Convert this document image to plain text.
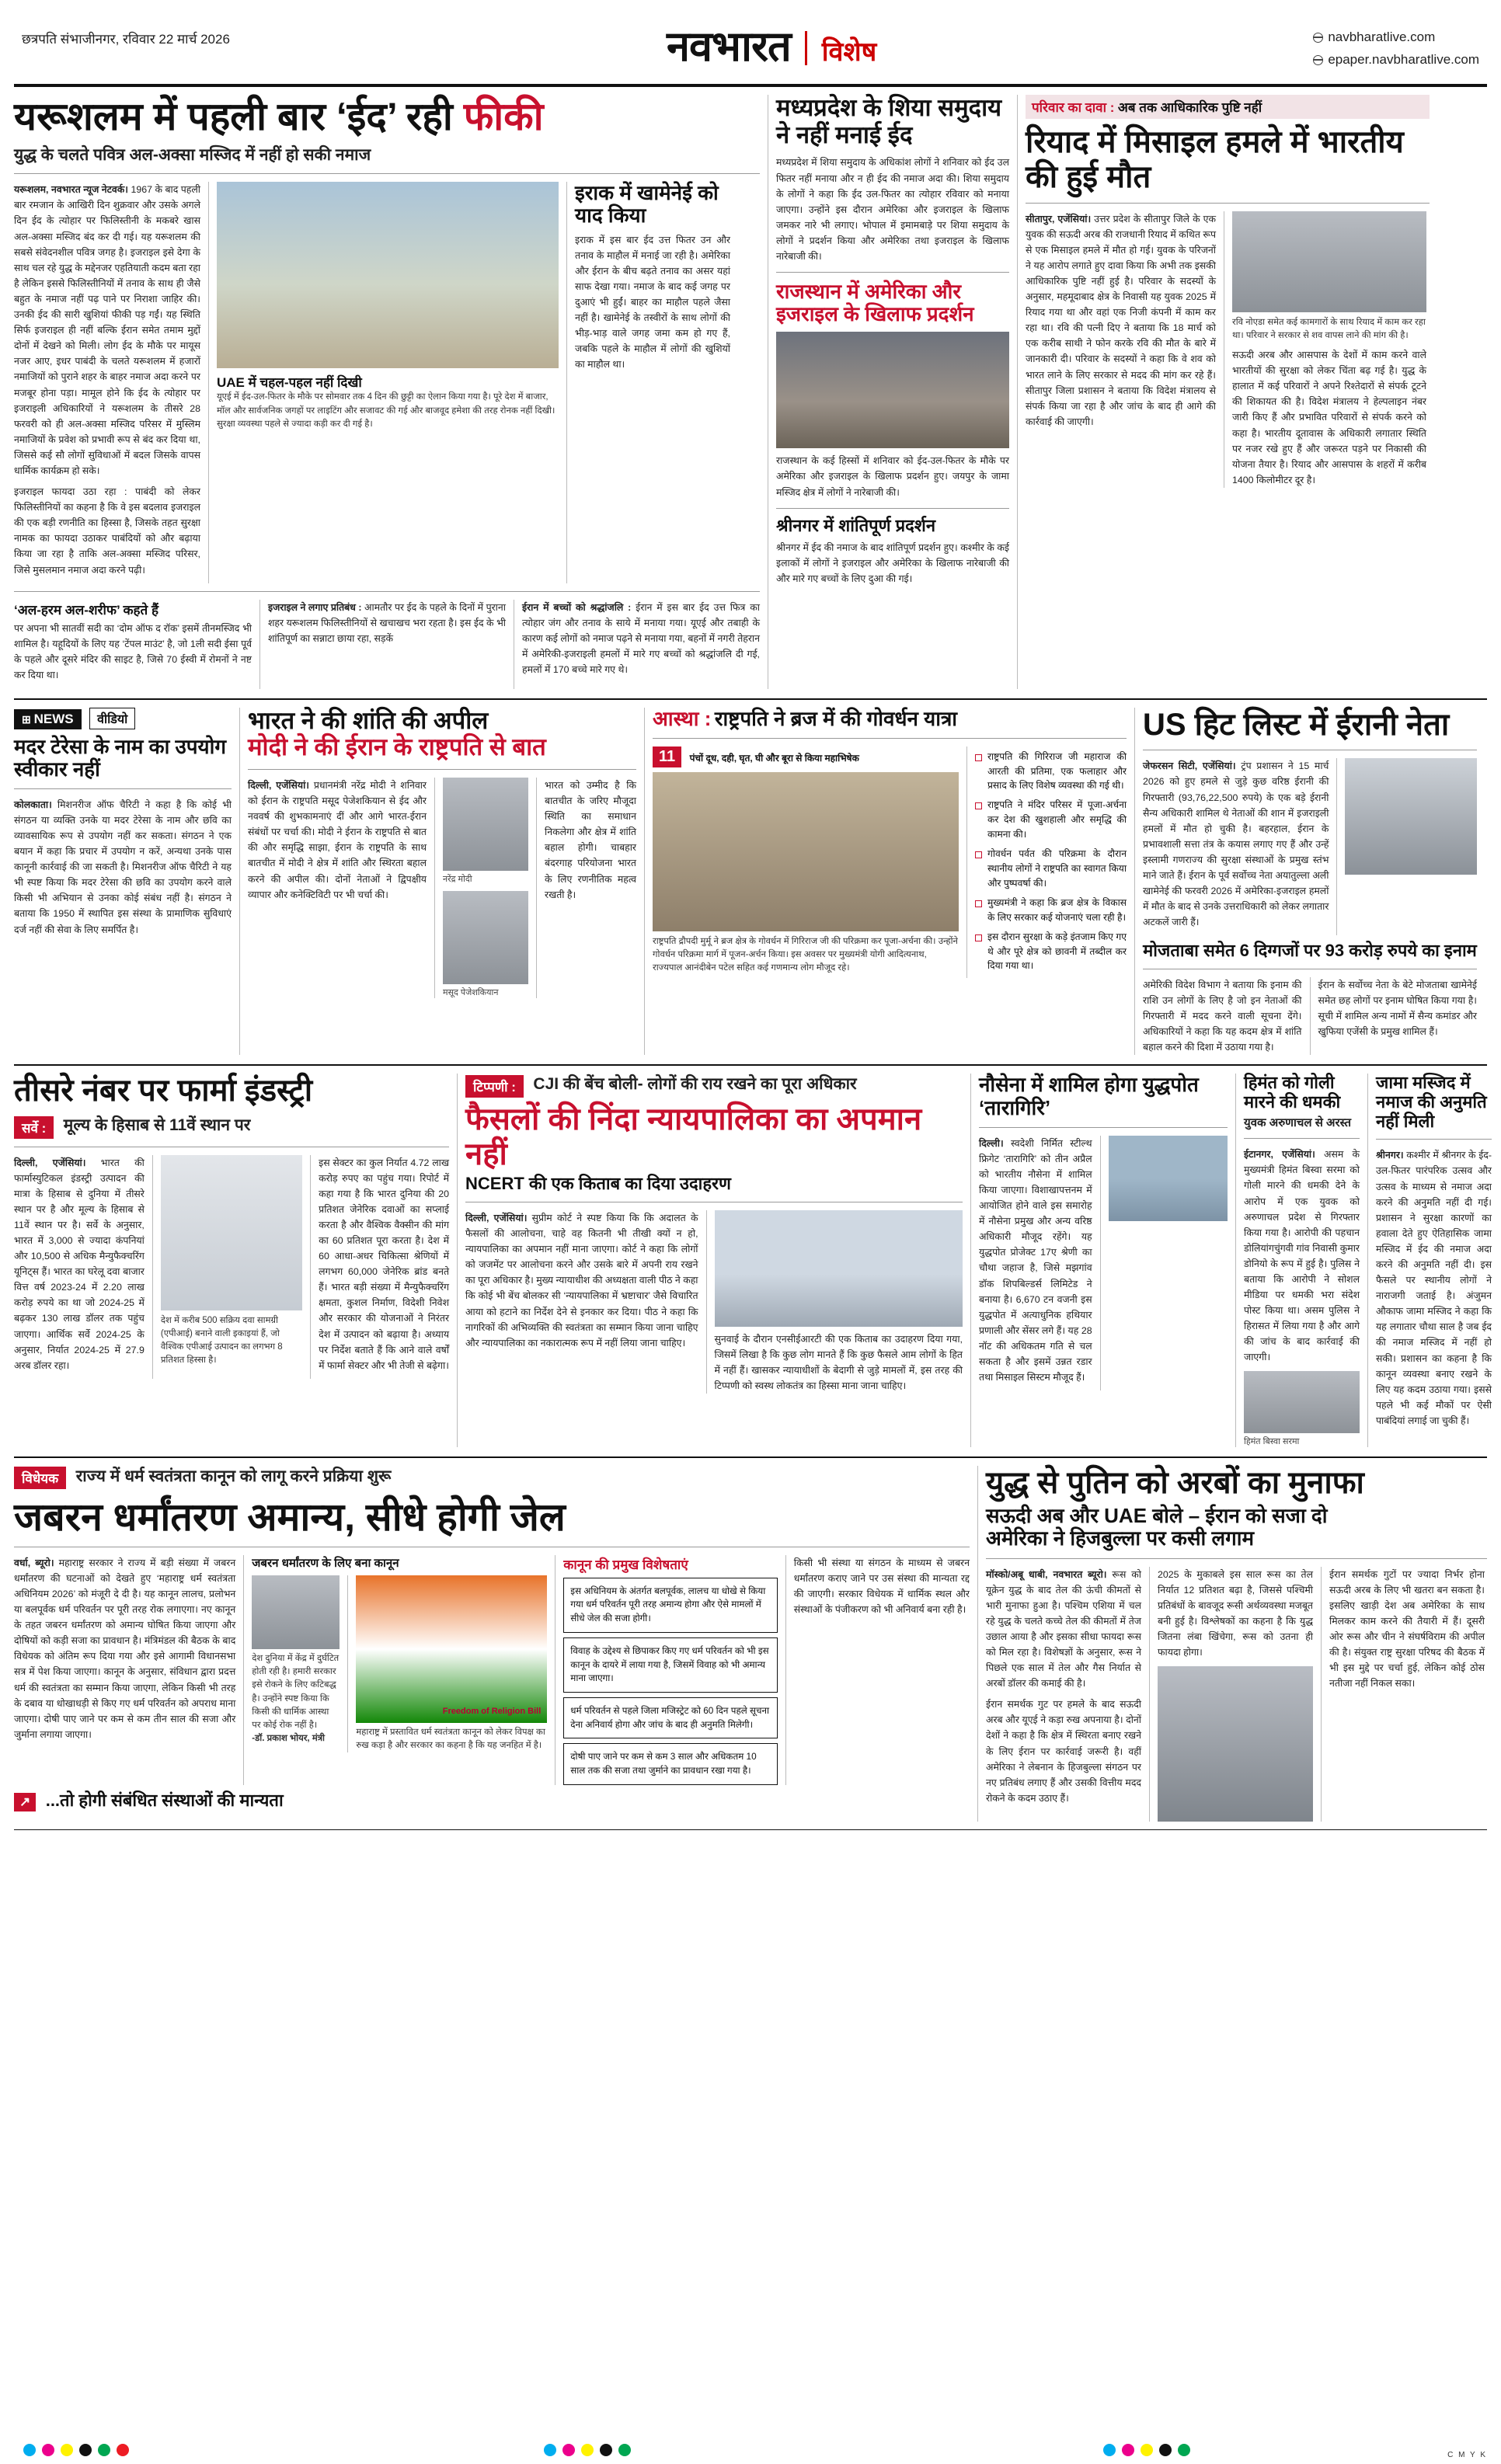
छत्रपति संभाजीनगर, रविवार 22 मार्च 2026	नवभारत विशेष
navbharatlive.com
epaper.navbharatlive.com
यरूशलम में पहली बार ‘ईद’ रही फीकी
युद्ध के चलते पवित्र अल-अक्सा मस्जिद में नहीं हो सकी नमाज

यरूशलम, नवभारत न्यूज नेटवर्क। 1967 के बाद पहली बार रमजान के आखिरी दिन शुक्रवार और उसके अगले दिन ईद के त्योहार पर फिलिस्तीनी के मकबरे खास अल-अक्सा मस्जिद बंद कर दी गई। यह यरूशलम की सबसे संवेदनशील पवित्र जगह है। इजराइल इसे देगा के साथ चल रहे युद्ध के मद्देनजर एहतियाती कदम बता रहा है लेकिन इससे फिलिस्तीनियों में तनाव के साथ ही जैसे बहुत के नमाज नहीं पढ़ पाने पर निराशा जाहिर की। उनकी ईद की सारी खुशियां फीकी पड़ गईं। यह स्थिति सिर्फ इजराइल ही नहीं बल्कि ईरान समेत तमाम मुद्दों दोनों में देखने को मिली। लोग ईद के मौके पर मायूस नजर आए, इधर पाबंदी के चलते यरूशलम में हजारों नमाजियों को पुराने शहर के बाहर नमाज अदा करने पर मजबूर होना पड़ा। मामूल होने कि ईद के त्योहार पर इजराइली अधिकारियों ने यरूशलम के तीसरे 28 फरवरी को ही अल-अक्सा मस्जिद परिसर में मुस्लिम नमाजियों के प्रवेश को प्रभावी रूप से बंद कर दिया था, जिससे कई सौ लोगों सुविधाओं में बदल जिसके वापस धार्मिक कार्यक्रम हो सके।

इजराइल फायदा उठा रहा : पाबंदी को लेकर फिलिस्तीनियों का कहना है कि वे इस बदलाव इजराइल की एक बड़ी रणनीति का हिस्सा है, जिसके तहत सुरक्षा नामक का फायदा उठाकर पाबंदियों को और बढ़ाया किया जा रहा है ताकि अल-अक्सा मस्जिद परिसर, जिसे मुसलमान नमाज अदा करने पढ़ी।

UAE में चहल-पहल नहीं दिखी
यूएई में ईद-उल-फितर के मौके पर सोमवार तक 4 दिन की छुट्टी का ऐलान किया गया है। पूरे देश में बाजार, मॉल और सार्वजनिक जगहों पर लाइटिंग और सजावट की गई और बाजवूद हमेशा की तरह रोनक नहीं दिखी। सुरक्षा व्यवस्था पहले से ज्यादा कड़ी कर दी गई है।
इराक में खामेनेई को याद किया
इराक में इस बार ईद उत्त फितर उन और तनाव के माहौल में मनाई जा रही है। अमेरिका और ईरान के बीच बढ़ते तनाव का असर यहां साफ देखा गया। नमाज के बाद कई जगह पर दुआएं भी हुईं। बाहर का माहौल पहले जैसा नहीं है। खामेनेई के तस्वीरों के साथ लोगों की भीड़-भाड़ वाले जगह जमा कम हो गए हैं, जबकि पहले के माहौल में लोगों की खुशियों का माहौल था।
‘अल-हरम अल-शरीफ’ कहते हैं

पर अपना भी सातवीं सदी का ‘दोम ऑफ द रॉक’ इसमें तीनमस्जिद भी शामिल है। यहूदियों के लिए यह ‘टेंपल माउंट’ है, जो 1ली सदी ईसा पूर्व के पहले और दूसरे मंदिर की साइट है, जिसे 70 ईस्वी में रोमनों ने नष्ट कर दिया था।

इजराइल ने लगाए प्रतिबंध : आमतौर पर ईद के पहले के दिनों में पुराना शहर यरूशलम फिलिस्तीनियों से खचाखच भरा रहता है। इस ईद के भी शांतिपूर्ण का सन्नाटा छाया रहा, सड़कें

ईरान में बच्चों को श्रद्धांजलि : ईरान में इस बार ईद उत्त फित्र का त्योहार जंग और तनाव के साये में मनाया गया। यूएई और तबाही के कारण कई लोगों को नमाज पढ़ने से मनाया गया, बहनों में नगरी तेहरान में अमेरिकी-इजराइली हमलों में मारे गए बच्चों को श्रद्धांजलि दी गई, हमलों में 170 बच्चे मारे गए थे।

मध्यप्रदेश के शिया समुदाय ने नहीं मनाई ईद
मध्यप्रदेश में शिया समुदाय के अधिकांश लोगों ने शनिवार को ईद उल फितर नहीं मनाया और न ही ईद की नमाज अदा की। शिया समुदाय के लोगों ने कहा कि ईद उल-फितर का त्योहार रविवार को मनाया जाएगा। उन्होंने इस दौरान अमेरिका और इजराइल के खिलाफ जमकर नारे भी लगाए। भोपाल में इमामबाड़े पर शिया समुदाय के लोगों ने प्रदर्शन किया और अमेरिका तथा इजराइल के खिलाफ नारेबाजी की।
राजस्थान में अमेरिका और इजराइल के खिलाफ प्रदर्शन
राजस्थान के कई हिस्सों में शनिवार को ईद-उल-फितर के मौके पर अमेरिका और इजराइल के खिलाफ प्रदर्शन हुए। जयपुर के जामा मस्जिद क्षेत्र में लोगों ने नारेबाजी की।
श्रीनगर में शांतिपूर्ण प्रदर्शन
श्रीनगर में ईद की नमाज के बाद शांतिपूर्ण प्रदर्शन हुए। कश्मीर के कई इलाकों में लोगों ने इजराइल और अमेरिका के खिलाफ नारेबाजी की और मारे गए बच्चों के लिए दुआ की गई।
परिवार का दावा : अब तक आधिकारिक पुष्टि नहीं
रियाद में मिसाइल हमले में भारतीय की हुई मौत

सीतापुर, एजेंसियां। उत्तर प्रदेश के सीतापुर जिले के एक युवक की सऊदी अरब की राजधानी रियाद में कथित रूप से एक मिसाइल हमले में मौत हो गई। युवक के परिजनों ने यह आरोप लगाते हुए दावा किया कि अभी तक इसकी आधिकारिक पुष्टि नहीं हुई है। परिवार के सदस्यों के अनुसार, महमूदाबाद क्षेत्र के निवासी यह युवक 2025 में रियाद गया था और वहां एक निजी कंपनी में काम कर रहा था। रवि की पत्नी दिए ने बताया कि 18 मार्च को एक करीब साथी ने फोन करके रवि की मौत के बारे में जानकारी दी। परिवार के सदस्यों ने कहा कि वे शव को भारत लाने के लिए सरकार से मदद की मांग कर रहे हैं। सीतापुर जिला प्रशासन ने बताया कि विदेश मंत्रालय से संपर्क किया जा रहा है और जांच के बाद ही आगे की कार्रवाई की जाएगी।

रवि नोएडा समेत कई कामगारों के साथ रियाद में काम कर रहा था। परिवार ने सरकार से शव वापस लाने की मांग की है।
सऊदी अरब और आसपास के देशों में काम करने वाले भारतीयों की सुरक्षा को लेकर चिंता बढ़ गई है। युद्ध के हालात में कई परिवारों ने अपने रिश्तेदारों से संपर्क टूटने की शिकायत की है। विदेश मंत्रालय ने हेल्पलाइन नंबर जारी किए हैं और प्रभावित परिवारों से संपर्क करने को कहा है। भारतीय दूतावास के अधिकारी लगातार स्थिति पर नजर रखे हुए हैं और जरूरत पड़ने पर निकासी की योजना तैयार है। रियाद और आसपास के शहरों में करीब 1400 किलोमीटर दूर है।
⊞ NEWS वीडियो
मदर टेरेसा के नाम का उपयोग स्वीकार नहीं

कोलकाता। मिशनरीज ऑफ चैरिटी ने कहा है कि कोई भी संगठन या व्यक्ति उनके या मदर टेरेसा के नाम और छवि का व्यावसायिक रूप से उपयोग नहीं कर सकता। संगठन ने एक बयान में कहा कि प्रचार में उपयोग न करें, अन्यथा उनके पास कानूनी कार्रवाई की जा सकती है। मिशनरीज ऑफ चैरिटी ने यह भी स्पष्ट किया कि मदर टेरेसा की छवि का उपयोग करने वाले किसी भी अभियान से उनका कोई संबंध नहीं है। संगठन ने बताया कि 1950 में स्थापित इस संस्था के प्रामाणिक सुविधाएं दर्ज नहीं की सेवा के लिए समर्पित है।

भारत ने की शांति की अपील
मोदी ने की ईरान के राष्ट्रपति से बात

दिल्ली, एजेंसियां। प्रधानमंत्री नरेंद्र मोदी ने शनिवार को ईरान के राष्ट्रपति मसूद पेजेशकियान से ईद और नववर्ष की शुभकामनाएं दीं और आगे भारत-ईरान संबंधों पर चर्चा की। मोदी ने ईरान के राष्ट्रपति से बात की और समृद्धि साझा, ईरान के राष्ट्रपति के साथ बातचीत में मोदी ने क्षेत्र में शांति और स्थिरता बहाल करने की अपील की। दोनों नेताओं ने द्विपक्षीय व्यापार और कनेक्टिविटी पर भी चर्चा की।

नरेंद्र मोदी
मसूद पेजेशकियान

भारत को उम्मीद है कि बातचीत के जरिए मौजूदा स्थिति का समाधान निकलेगा और क्षेत्र में शांति बहाल होगी। चाबहार बंदरगाह परियोजना भारत के लिए रणनीतिक महत्व रखती है।

आस्था : राष्ट्रपति ने ब्रज में की गोवर्धन यात्रा
11 पंचों दूध, दही, घृत, घी और बूरा से किया महाभिषेक
राष्ट्रपति द्रौपदी मुर्मू ने ब्रज क्षेत्र के गोवर्धन में गिरिराज जी की परिक्रमा कर पूजा-अर्चना की। उन्होंने गोवर्धन परिक्रमा मार्ग में पूजन-अर्चन किया। इस अवसर पर मुख्यमंत्री योगी आदित्यनाथ, राज्यपाल आनंदीबेन पटेल सहित कई गणमान्य लोग मौजूद रहे।
राष्ट्रपति की गिरिराज जी महाराज की आरती की प्रतिमा, एक फलाहार और प्रसाद के लिए विशेष व्यवस्था की गई थी।
राष्ट्रपति ने मंदिर परिसर में पूजा-अर्चना कर देश की खुशहाली और समृद्धि की कामना की।
गोवर्धन पर्वत की परिक्रमा के दौरान स्थानीय लोगों ने राष्ट्रपति का स्वागत किया और पुष्पवर्षा की।
मुख्यमंत्री ने कहा कि ब्रज क्षेत्र के विकास के लिए सरकार कई योजनाएं चला रही है।
इस दौरान सुरक्षा के कड़े इंतजाम किए गए थे और पूरे क्षेत्र को छावनी में तब्दील कर दिया गया था।
US हिट लिस्ट में ईरानी नेता

जेफरसन सिटी, एजेंसियां। ट्रंप प्रशासन ने 15 मार्च 2026 को हुए हमले से जुड़े कुछ वरिष्ठ ईरानी की गिरफ्तारी (93,76,22,500 रुपये) के एक बड़े ईरानी सैन्य अधिकारी शामिल थे नेताओं की शान में इजराइली हमलों में मौत हो चुकी है। बहरहाल, ईरान के प्रभावशाली सत्ता तंत्र के कयास लगाए गए हैं और उन्हें इस्लामी गणराज्य की सुरक्षा संस्थाओं के प्रमुख स्तंभ माने जाते हैं। ईरान के पूर्व सर्वोच्च नेता अयातुल्ला अली खामेनेई की फरवरी 2026 में अमेरिका-इजराइल हमलों में मौत के बाद से उनके उत्तराधिकारी को लेकर लगातार अटकलें जारी हैं।

मोजताबा समेत 6 दिग्गजों पर 93 करोड़ रुपये का इनाम
अमेरिकी विदेश विभाग ने बताया कि इनाम की राशि उन लोगों के लिए है जो इन नेताओं की गिरफ्तारी में मदद करने वाली सूचना देंगे। अधिकारियों ने कहा कि यह कदम क्षेत्र में शांति बहाल करने की दिशा में उठाया गया है।
ईरान के सर्वोच्च नेता के बेटे मोजताबा खामेनेई समेत छह लोगों पर इनाम घोषित किया गया है। सूची में शामिल अन्य नामों में सैन्य कमांडर और खुफिया एजेंसी के प्रमुख शामिल हैं।
तीसरे नंबर पर फार्मा इंडस्ट्री
सर्वे : मूल्य के हिसाब से 11वें स्थान पर

दिल्ली, एजेंसियां। भारत की फार्मास्युटिकल इंडस्ट्री उत्पादन की मात्रा के हिसाब से दुनिया में तीसरे स्थान पर है और मूल्य के हिसाब से 11वें स्थान पर है। सर्वे के अनुसार, भारत में 3,000 से ज्यादा कंपनियां और 10,500 से अधिक मैन्युफैक्चरिंग यूनिट्स हैं। भारत का घरेलू दवा बाजार वित्त वर्ष 2023-24 में 2.20 लाख करोड़ रुपये का था जो 2024-25 में बढ़कर 130 लाख डॉलर तक पहुंच जाएगा। आर्थिक सर्वे 2024-25 के अनुसार, निर्यात 2024-25 में 27.9 अरब डॉलर रहा।

देश में करीब 500 सक्रिय दवा सामग्री (एपीआई) बनाने वाली इकाइयां हैं, जो वैश्विक एपीआई उत्पादन का लगभग 8 प्रतिशत हिस्सा है।
इस सेक्टर का कुल निर्यात 4.72 लाख करोड़ रुपए का पहुंच गया। रिपोर्ट में कहा गया है कि भारत दुनिया की 20 प्रतिशत जेनेरिक दवाओं का सप्लाई करता है और वैश्विक वैक्सीन की मांग का 60 प्रतिशत पूरा करता है। देश में 60 आधा-अधर चिकित्सा श्रेणियों में लगभग 60,000 जेनेरिक ब्रांड बनते हैं। भारत बड़ी संख्या में मैन्युफैक्चरिंग क्षमता, कुशल निर्माण, विदेशी निवेश और सरकार की योजनाओं ने निरंतर देश में उत्पादन को बढ़ाया है। अध्याय पर निर्देश बताते हैं कि आने वाले वर्षों में फार्मा सेक्टर और भी तेजी से बढ़ेगा।
टिप्पणी : CJI की बेंच बोली- लोगों की राय रखने का पूरा अधिकार
फैसलों की निंदा न्यायपालिका का अपमान नहीं
NCERT की एक किताब का दिया उदाहरण

दिल्ली, एजेंसियां। सुप्रीम कोर्ट ने स्पष्ट किया कि कि अदालत के फैसलों की आलोचना, चाहे वह कितनी भी तीखी क्यों न हो, न्यायपालिका का अपमान नहीं माना जाएगा। कोर्ट ने कहा कि लोगों को जजमेंट पर आलोचना करने और उसके बारे में अपनी राय रखने का पूरा अधिकार है। मुख्य न्यायाधीश की अध्यक्षता वाली पीठ ने कहा कि कोई भी बेंच बोलकर सी ‘न्यायपालिका में भ्रष्टाचार’ जैसे विचारित आया को हटाने का निर्देश देने से इनकार कर दिया। पीठ ने कहा कि नागरिकों की अभिव्यक्ति की स्वतंत्रता का सम्मान किया जाना चाहिए और न्यायपालिका का नकारात्मक रूप में नहीं लिया जाना चाहिए।	सुनवाई के दौरान एनसीईआरटी की एक किताब का उदाहरण दिया गया, जिसमें लिखा है कि कुछ लोग मानते हैं कि कुछ फैसले आम लोगों के हित में नहीं हैं। खासकर न्यायाधीशों के बेदागी से जुड़े मामलों में, इस तरह की टिप्पणी को स्वस्थ लोकतंत्र का हिस्सा माना जाना चाहिए।
नौसेना में शामिल होगा युद्धपोत ‘तारागिरि’

दिल्ली। स्वदेशी निर्मित स्टील्थ फ्रिगेट ‘तारागिरि’ को तीन अप्रैल को भारतीय नौसेना में शामिल किया जाएगा। विशाखापत्तनम में आयोजित होने वाले इस समारोह में नौसेना प्रमुख और अन्य वरिष्ठ अधिकारी मौजूद रहेंगे। यह युद्धपोत प्रोजेक्ट 17ए श्रेणी का चौथा जहाज है, जिसे मझगांव डॉक शिपबिल्डर्स लिमिटेड ने बनाया है। 6,670 टन वजनी इस युद्धपोत में अत्याधुनिक हथियार प्रणाली और सेंसर लगे हैं। यह 28 नॉट की अधिकतम गति से चल सकता है और इसमें उन्नत रडार तथा मिसाइल सिस्टम मौजूद हैं।

हिमंत को गोली मारने की धमकी
युवक अरुणाचल से अरस्त

ईटानगर, एजेंसियां। असम के मुख्यमंत्री हिमंत बिस्वा सरमा को गोली मारने की धमकी देने के आरोप में एक युवक को अरुणाचल प्रदेश से गिरफ्तार किया गया है। आरोपी की पहचान डोलियांगचुंगवी गांव निवासी कुमार डोनियो के रूप में हुई है। पुलिस ने बताया कि आरोपी ने सोशल मीडिया पर धमकी भरा संदेश पोस्ट किया था। असम पुलिस ने हिरासत में लिया गया है और आगे की जांच के बाद कार्रवाई की जाएगी।

हिमंत बिस्वा सरमा
जामा मस्जिद में नमाज की अनुमति नहीं मिली

श्रीनगर। कश्मीर में श्रीनगर के ईद-उल-फितर पारंपरिक उत्सव और उत्सव के माध्यम से नमाज अदा करने की अनुमति नहीं दी गई। प्रशासन ने सुरक्षा कारणों का हवाला देते हुए ऐतिहासिक जामा मस्जिद में ईद की नमाज अदा करने की अनुमति नहीं दी। इस फैसले पर स्थानीय लोगों ने नाराजगी जताई है। अंजुमन औकाफ जामा मस्जिद ने कहा कि यह लगातार चौथा साल है जब ईद की नमाज मस्जिद में नहीं हो सकी। प्रशासन का कहना है कि कानून व्यवस्था बनाए रखने के लिए यह कदम उठाया गया। इससे पहले भी कई मौकों पर ऐसी पाबंदियां लगाई जा चुकी हैं।

विधेयक राज्य में धर्म स्वतंत्रता कानून को लागू करने प्रक्रिया शुरू
जबरन धर्मांतरण अमान्य, सीधे होगी जेल

वर्धा, ब्यूरो। महाराष्ट्र सरकार ने राज्य में बड़ी संख्या में जबरन धर्मांतरण की घटनाओं को देखते हुए ‘महाराष्ट्र धर्म स्वतंत्रता अधिनियम 2026’ को मंजूरी दे दी है। यह कानून लालच, प्रलोभन या बलपूर्वक धर्म परिवर्तन पर पूरी तरह रोक लगाएगा। नए कानून के तहत जबरन धर्मांतरण को अमान्य घोषित किया जाएगा और दोषियों को कड़ी सजा का प्रावधान है। मंत्रिमंडल की बैठक के बाद विधेयक को अंतिम रूप दिया गया और इसे आगामी विधानसभा सत्र में पेश किया जाएगा। कानून के अनुसार, संविधान द्वारा प्रदत्त धर्म की स्वतंत्रता का सम्मान किया जाएगा, लेकिन किसी भी तरह के दबाव या धोखाधड़ी से किए गए धर्म परिवर्तन को अपराध माना जाएगा। दोषी पाए जाने पर कम से कम तीन साल की सजा और जुर्माना लगाया जाएगा।

जबरन धर्मांतरण के लिए बना कानून
देश दुनिया में केंद्र में दुर्घटित होती रही है। हमारी सरकार इसे रोकने के लिए कटिबद्ध है। उन्होंने स्पष्ट किया कि किसी की धार्मिक आस्था पर कोई रोक नहीं है।
-डॉ. प्रकाश भोयर, मंत्री
Freedom of Religion Bill
महाराष्ट्र में प्रस्तावित धर्म स्वतंत्रता कानून को लेकर विपक्ष का रुख कड़ा है और सरकार का कहना है कि यह जनहित में है।
कानून की प्रमुख विशेषताएं
इस अधिनियम के अंतर्गत बलपूर्वक, लालच या धोखे से किया गया धर्म परिवर्तन पूरी तरह अमान्य होगा और ऐसे मामलों में सीधे जेल की सजा होगी।
विवाह के उद्देश्य से छिपाकर किए गए धर्म परिवर्तन को भी इस कानून के दायरे में लाया गया है, जिसमें विवाह को भी अमान्य माना जाएगा।
धर्म परिवर्तन से पहले जिला मजिस्ट्रेट को 60 दिन पहले सूचना देना अनिवार्य होगा और जांच के बाद ही अनुमति मिलेगी।
दोषी पाए जाने पर कम से कम 3 साल और अधिकतम 10 साल तक की सजा तथा जुर्माने का प्रावधान रखा गया है।
किसी भी संस्था या संगठन के माध्यम से जबरन धर्मांतरण कराए जाने पर उस संस्था की मान्यता रद्द की जाएगी। सरकार विधेयक में धार्मिक स्थल और संस्थाओं के पंजीकरण को भी अनिवार्य बना रही है।
↗ ...तो होगी संबंधित संस्थाओं की मान्यता
युद्ध से पुतिन को अरबों का मुनाफा
सऊदी अब और UAE बोले – ईरान को सजा दो
अमेरिका ने हिजबुल्ला पर कसी लगाम

मॉस्को/अबू धाबी, नवभारत ब्यूरो। रूस को यूक्रेन युद्ध के बाद तेल की ऊंची कीमतों से भारी मुनाफा हुआ है। पश्चिम एशिया में चल रहे युद्ध के चलते कच्चे तेल की कीमतों में तेज उछाल आया है और इसका सीधा फायदा रूस को मिल रहा है। विशेषज्ञों के अनुसार, रूस ने पिछले एक साल में तेल और गैस निर्यात से अरबों डॉलर की कमाई की है।

ईरान समर्थक गुट पर हमले के बाद सऊदी अरब और यूएई ने कड़ा रुख अपनाया है। दोनों देशों ने कहा है कि क्षेत्र में स्थिरता बनाए रखने के लिए ईरान पर कार्रवाई जरूरी है। वहीं अमेरिका ने लेबनान के हिजबुल्ला संगठन पर नए प्रतिबंध लगाए हैं और उसकी वित्तीय मदद रोकने के कदम उठाए हैं।

2025 के मुकाबले इस साल रूस का तेल निर्यात 12 प्रतिशत बढ़ा है, जिससे पश्चिमी प्रतिबंधों के बावजूद रूसी अर्थव्यवस्था मजबूत बनी हुई है। विश्लेषकों का कहना है कि युद्ध जितना लंबा खिंचेगा, रूस को उतना ही फायदा होगा।
ईरान समर्थक गुटों पर ज्यादा निर्भर होना सऊदी अरब के लिए भी खतरा बन सकता है। इसलिए खाड़ी देश अब अमेरिका के साथ मिलकर काम करने की तैयारी में हैं। दूसरी ओर रूस और चीन ने संघर्षविराम की अपील की है। संयुक्त राष्ट्र सुरक्षा परिषद की बैठक में भी इस मुद्दे पर चर्चा हुई, लेकिन कोई ठोस नतीजा नहीं निकल सका।
C M Y K
